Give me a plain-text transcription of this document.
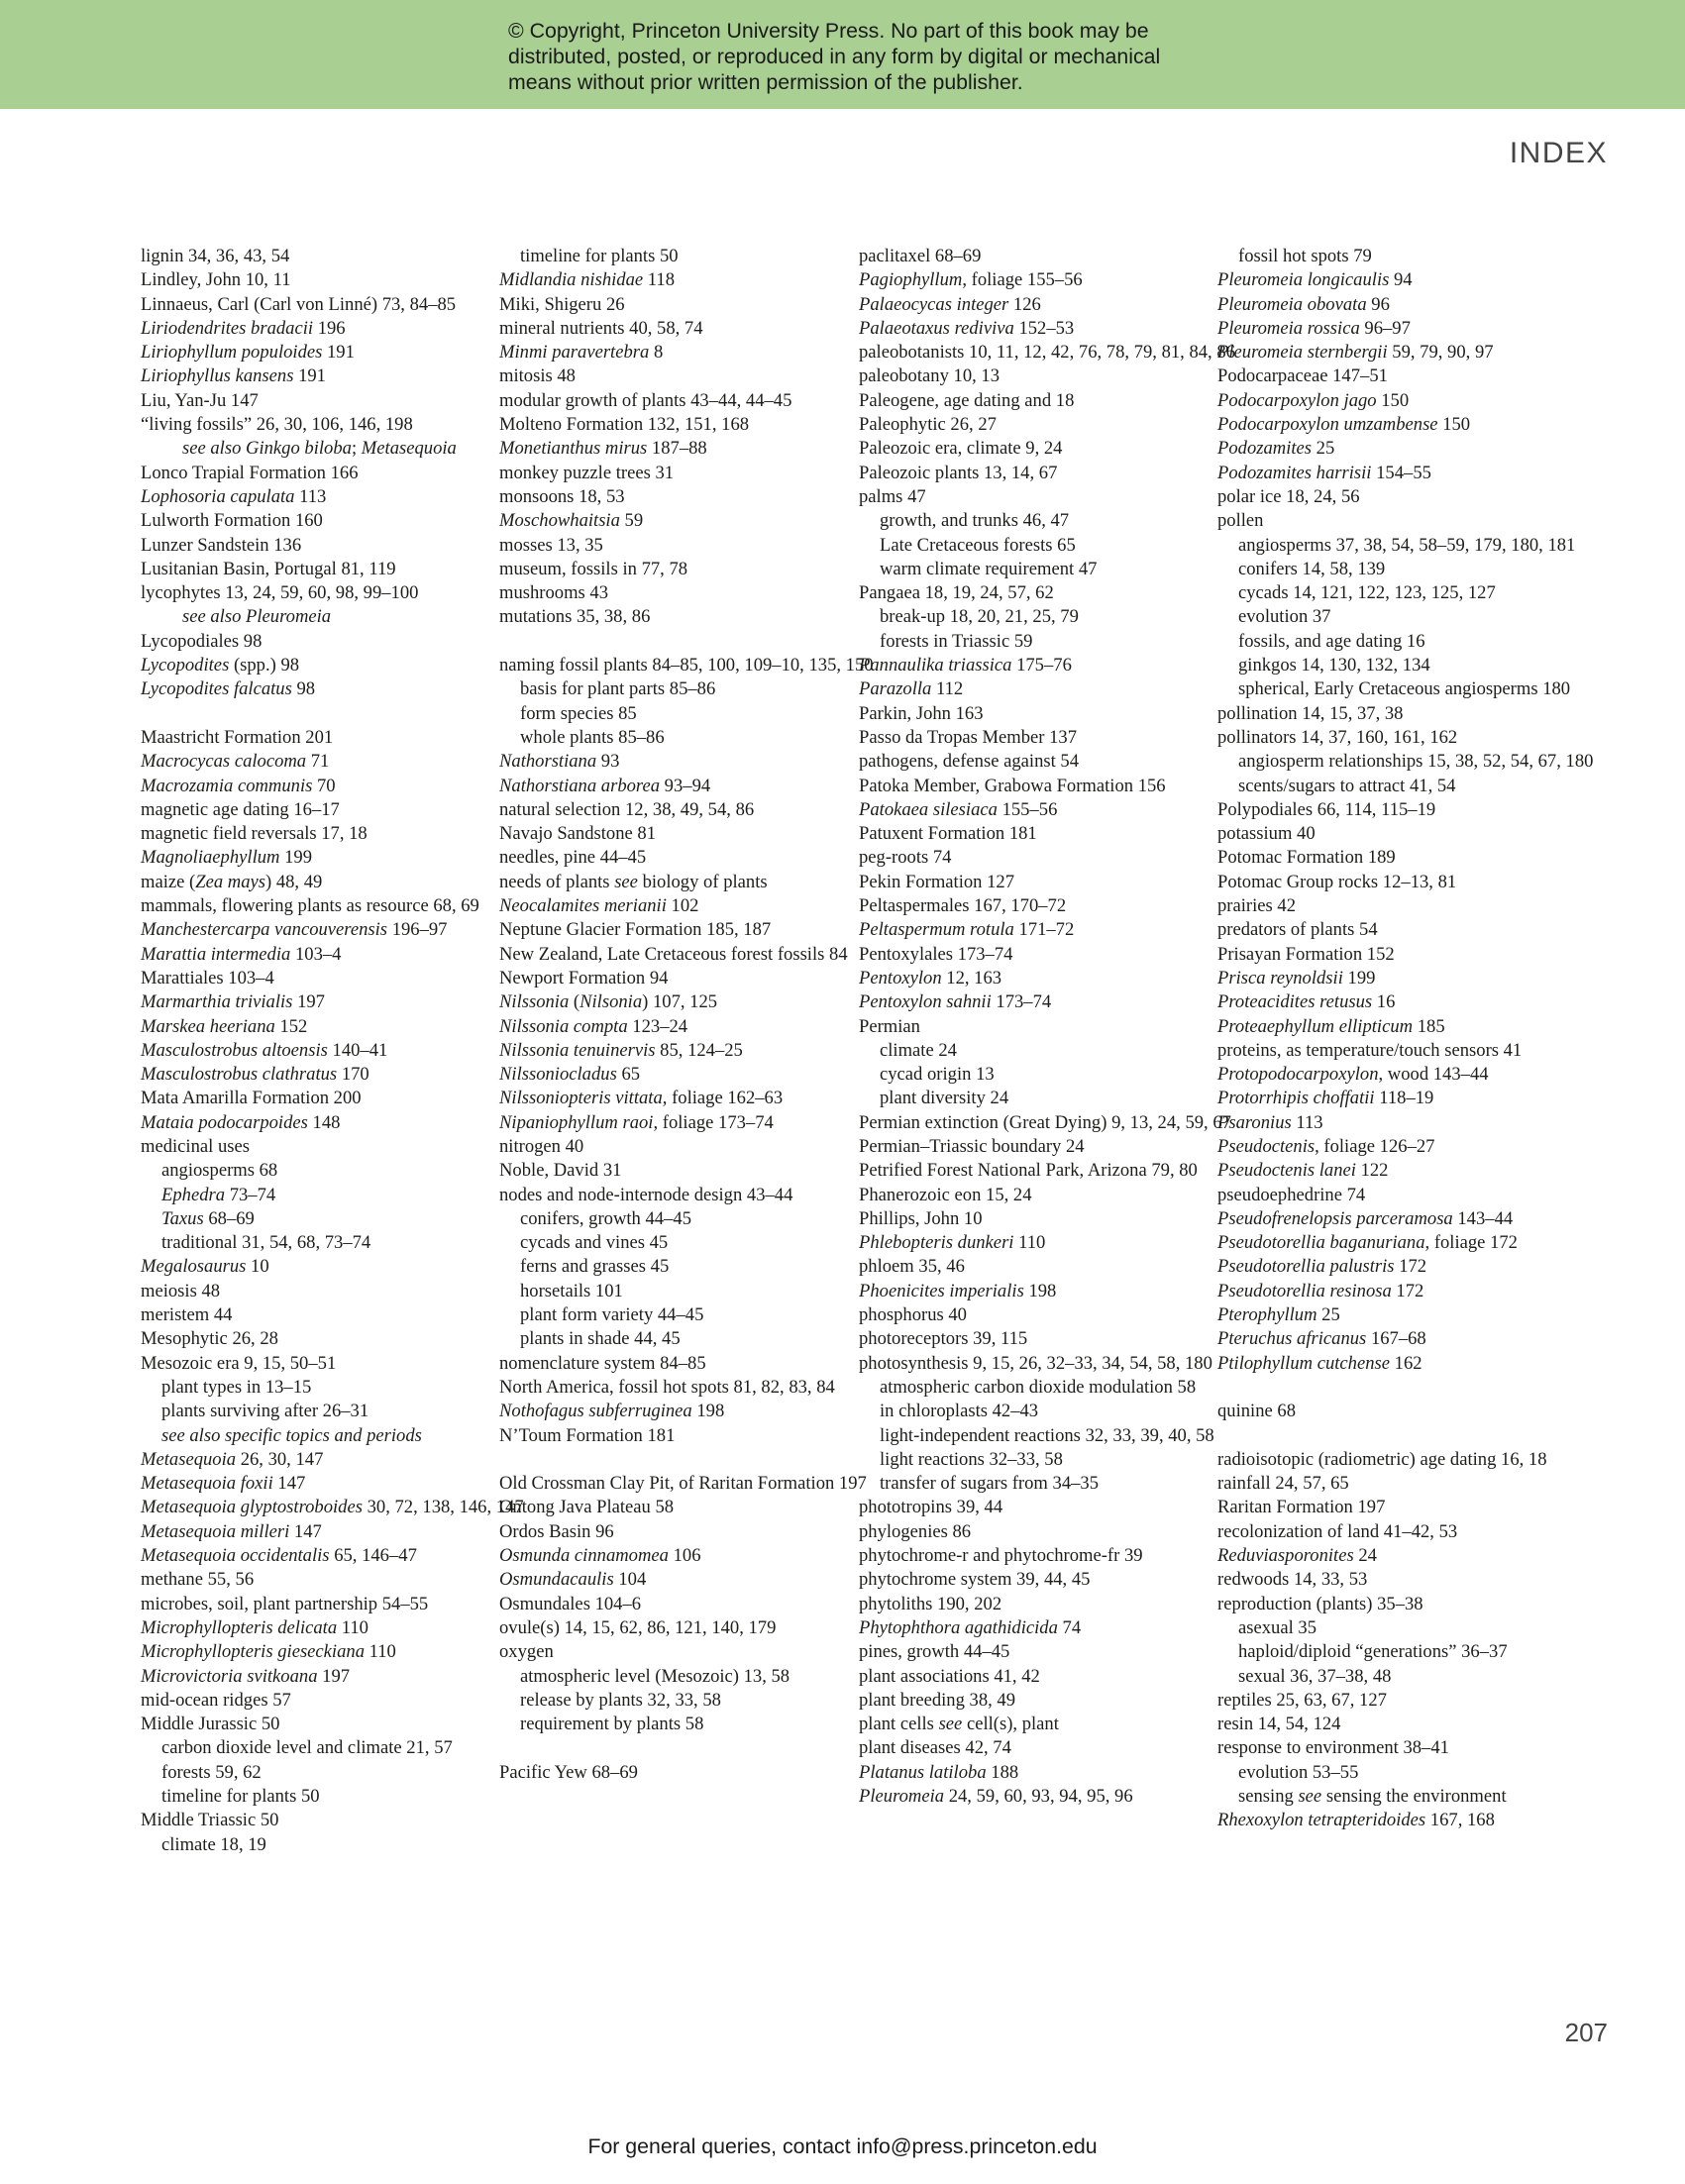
© Copyright, Princeton University Press. No part of this book may be
distributed, posted, or reproduced in any form by digital or mechanical
means without prior written permission of the publisher.
INDEX
lignin 34, 36, 43, 54
Lindley, John 10, 11
Linnaeus, Carl (Carl von Linné) 73, 84–85
Liriodendrites bradacii 196
Liriophyllum populoides 191
Liriophyllus kansens 191
Liu, Yan-Ju 147
“living fossils” 26, 30, 106, 146, 198
see also Ginkgo biloba; Metasequoia
Lonco Trapial Formation 166
Lophosoria capulata 113
Lulworth Formation 160
Lunzer Sandstein 136
Lusitanian Basin, Portugal 81, 119
lycophytes 13, 24, 59, 60, 98, 99–100
see also Pleuromeia
Lycopodiales 98
Lycopodites (spp.) 98
Lycopodites falcatus 98
Maastricht Formation 201
Macrocycas calocoma 71
Macrozamia communis 70
magnetic age dating 16–17
magnetic field reversals 17, 18
Magnoliaephyllum 199
maize (Zea mays) 48, 49
mammals, flowering plants as resource 68, 69
Manchestercarpa vancouverensis 196–97
Marattia intermedia 103–4
Marattiales 103–4
Marmarthia trivialis 197
Marskea heeriana 152
Masculostrobus altoensis 140–41
Masculostrobus clathratus 170
Mata Amarilla Formation 200
Mataia podocarpoides 148
medicinal uses
angiosperms 68
Ephedra 73–74
Taxus 68–69
traditional 31, 54, 68, 73–74
Megalosaurus 10
meiosis 48
meristem 44
Mesophytic 26, 28
Mesozoic era 9, 15, 50–51
plant types in 13–15
plants surviving after 26–31
see also specific topics and periods
Metasequoia 26, 30, 147
Metasequoia foxii 147
Metasequoia glyptostroboides 30, 72, 138, 146, 147
Metasequoia milleri 147
Metasequoia occidentalis 65, 146–47
methane 55, 56
microbes, soil, plant partnership 54–55
Microphyllopteris delicata 110
Microphyllopteris gieseckiana 110
Microvictoria svitkoana 197
mid-ocean ridges 57
Middle Jurassic 50
carbon dioxide level and climate 21, 57
forests 59, 62
timeline for plants 50
Middle Triassic 50
climate 18, 19
timeline for plants 50
Midlandia nishidae 118
Miki, Shigeru 26
mineral nutrients 40, 58, 74
Minmi paravertebra 8
mitosis 48
modular growth of plants 43–44, 44–45
Molteno Formation 132, 151, 168
Monetianthus mirus 187–88
monkey puzzle trees 31
monsoons 18, 53
Moschowhaitsia 59
mosses 13, 35
museum, fossils in 77, 78
mushrooms 43
mutations 35, 38, 86
naming fossil plants 84–85, 100, 109–10, 135, 150
basis for plant parts 85–86
form species 85
whole plants 85–86
Nathorstiana 93
Nathorstiana arborea 93–94
natural selection 12, 38, 49, 54, 86
Navajo Sandstone 81
needles, pine 44–45
needs of plants see biology of plants
Neocalamites merianii 102
Neptune Glacier Formation 185, 187
New Zealand, Late Cretaceous forest fossils 84
Newport Formation 94
Nilssonia (Nilsonia) 107, 125
Nilssonia compta 123–24
Nilssonia tenuinervis 85, 124–25
Nilssoniocladus 65
Nilssoniopteris vittata, foliage 162–63
Nipaniophyllum raoi, foliage 173–74
nitrogen 40
Noble, David 31
nodes and node-internode design 43–44
conifers, growth 44–45
cycads and vines 45
ferns and grasses 45
horsetails 101
plant form variety 44–45
plants in shade 44, 45
nomenclature system 84–85
North America, fossil hot spots 81, 82, 83, 84
Nothofagus subferruginea 198
N’Toum Formation 181
Old Crossman Clay Pit, of Raritan Formation 197
Ontong Java Plateau 58
Ordos Basin 96
Osmunda cinnamomea 106
Osmundacaulis 104
Osmundales 104–6
ovule(s) 14, 15, 62, 86, 121, 140, 179
oxygen
atmospheric level (Mesozoic) 13, 58
release by plants 32, 33, 58
requirement by plants 58
Pacific Yew 68–69
paclitaxel 68–69
Pagiophyllum, foliage 155–56
Palaeocycas integer 126
Palaeotaxus rediviva 152–53
paleobotanists 10, 11, 12, 42, 76, 78, 79, 81, 84, 86
paleobotany 10, 13
Paleogene, age dating and 18
Paleophytic 26, 27
Paleozoic era, climate 9, 24
Paleozoic plants 13, 14, 67
palms 47
growth, and trunks 46, 47
Late Cretaceous forests 65
warm climate requirement 47
Pangaea 18, 19, 24, 57, 62
break-up 18, 20, 21, 25, 79
forests in Triassic 59
Pannaulika triassica 175–76
Parazolla 112
Parkin, John 163
Passo da Tropas Member 137
pathogens, defense against 54
Patoka Member, Grabowa Formation 156
Patokaea silesiaca 155–56
Patuxent Formation 181
peg-roots 74
Pekin Formation 127
Peltaspermales 167, 170–72
Peltaspermum rotula 171–72
Pentoxylales 173–74
Pentoxylon 12, 163
Pentoxylon sahnii 173–74
Permian
climate 24
cycad origin 13
plant diversity 24
Permian extinction (Great Dying) 9, 13, 24, 59, 67
Permian–Triassic boundary 24
Petrified Forest National Park, Arizona 79, 80
Phanerozoic eon 15, 24
Phillips, John 10
Phlebopteris dunkeri 110
phloem 35, 46
Phoenicites imperialis 198
phosphorus 40
photoreceptors 39, 115
photosynthesis 9, 15, 26, 32–33, 34, 54, 58, 180
atmospheric carbon dioxide modulation 58
in chloroplasts 42–43
light-independent reactions 32, 33, 39, 40, 58
light reactions 32–33, 58
transfer of sugars from 34–35
phototropins 39, 44
phylogenies 86
phytochrome-r and phytochrome-fr 39
phytochrome system 39, 44, 45
phytoliths 190, 202
Phytophthora agathidicida 74
pines, growth 44–45
plant associations 41, 42
plant breeding 38, 49
plant cells see cell(s), plant
plant diseases 42, 74
Platanus latiloba 188
Pleuromeia 24, 59, 60, 93, 94, 95, 96
fossil hot spots 79
Pleuromeia longicaulis 94
Pleuromeia obovata 96
Pleuromeia rossica 96–97
Pleuromeia sternbergii 59, 79, 90, 97
Podocarpaceae 147–51
Podocarpoxylon jago 150
Podocarpoxylon umzambense 150
Podozamites 25
Podozamites harrisii 154–55
polar ice 18, 24, 56
pollen
angiosperms 37, 38, 54, 58–59, 179, 180, 181
conifers 14, 58, 139
cycads 14, 121, 122, 123, 125, 127
evolution 37
fossils, and age dating 16
ginkgos 14, 130, 132, 134
spherical, Early Cretaceous angiosperms 180
pollination 14, 15, 37, 38
pollinators 14, 37, 160, 161, 162
angiosperm relationships 15, 38, 52, 54, 67, 180
scents/sugars to attract 41, 54
Polypodiales 66, 114, 115–19
potassium 40
Potomac Formation 189
Potomac Group rocks 12–13, 81
prairies 42
predators of plants 54
Prisayan Formation 152
Prisca reynoldsii 199
Proteacidites retusus 16
Proteaephyllum ellipticum 185
proteins, as temperature/touch sensors 41
Protopodocarpoxylon, wood 143–44
Protorrhipis choffatii 118–19
Psaronius 113
Pseudoctenis, foliage 126–27
Pseudoctenis lanei 122
pseudoephedrine 74
Pseudofrenelopsis parceramosa 143–44
Pseudotorellia baganuriana, foliage 172
Pseudotorellia palustris 172
Pseudotorellia resinosa 172
Pterophyllum 25
Pteruchus africanus 167–68
Ptilophyllum cutchense 162
quinine 68
radioisotopic (radiometric) age dating 16, 18
rainfall 24, 57, 65
Raritan Formation 197
recolonization of land 41–42, 53
Reduviasporonites 24
redwoods 14, 33, 53
reproduction (plants) 35–38
asexual 35
haploid/diploid “generations” 36–37
sexual 36, 37–38, 48
reptiles 25, 63, 67, 127
resin 14, 54, 124
response to environment 38–41
evolution 53–55
sensing see sensing the environment
Rhexoxylon tetrapteridoides 167, 168
207
For general queries, contact info@press.princeton.edu
